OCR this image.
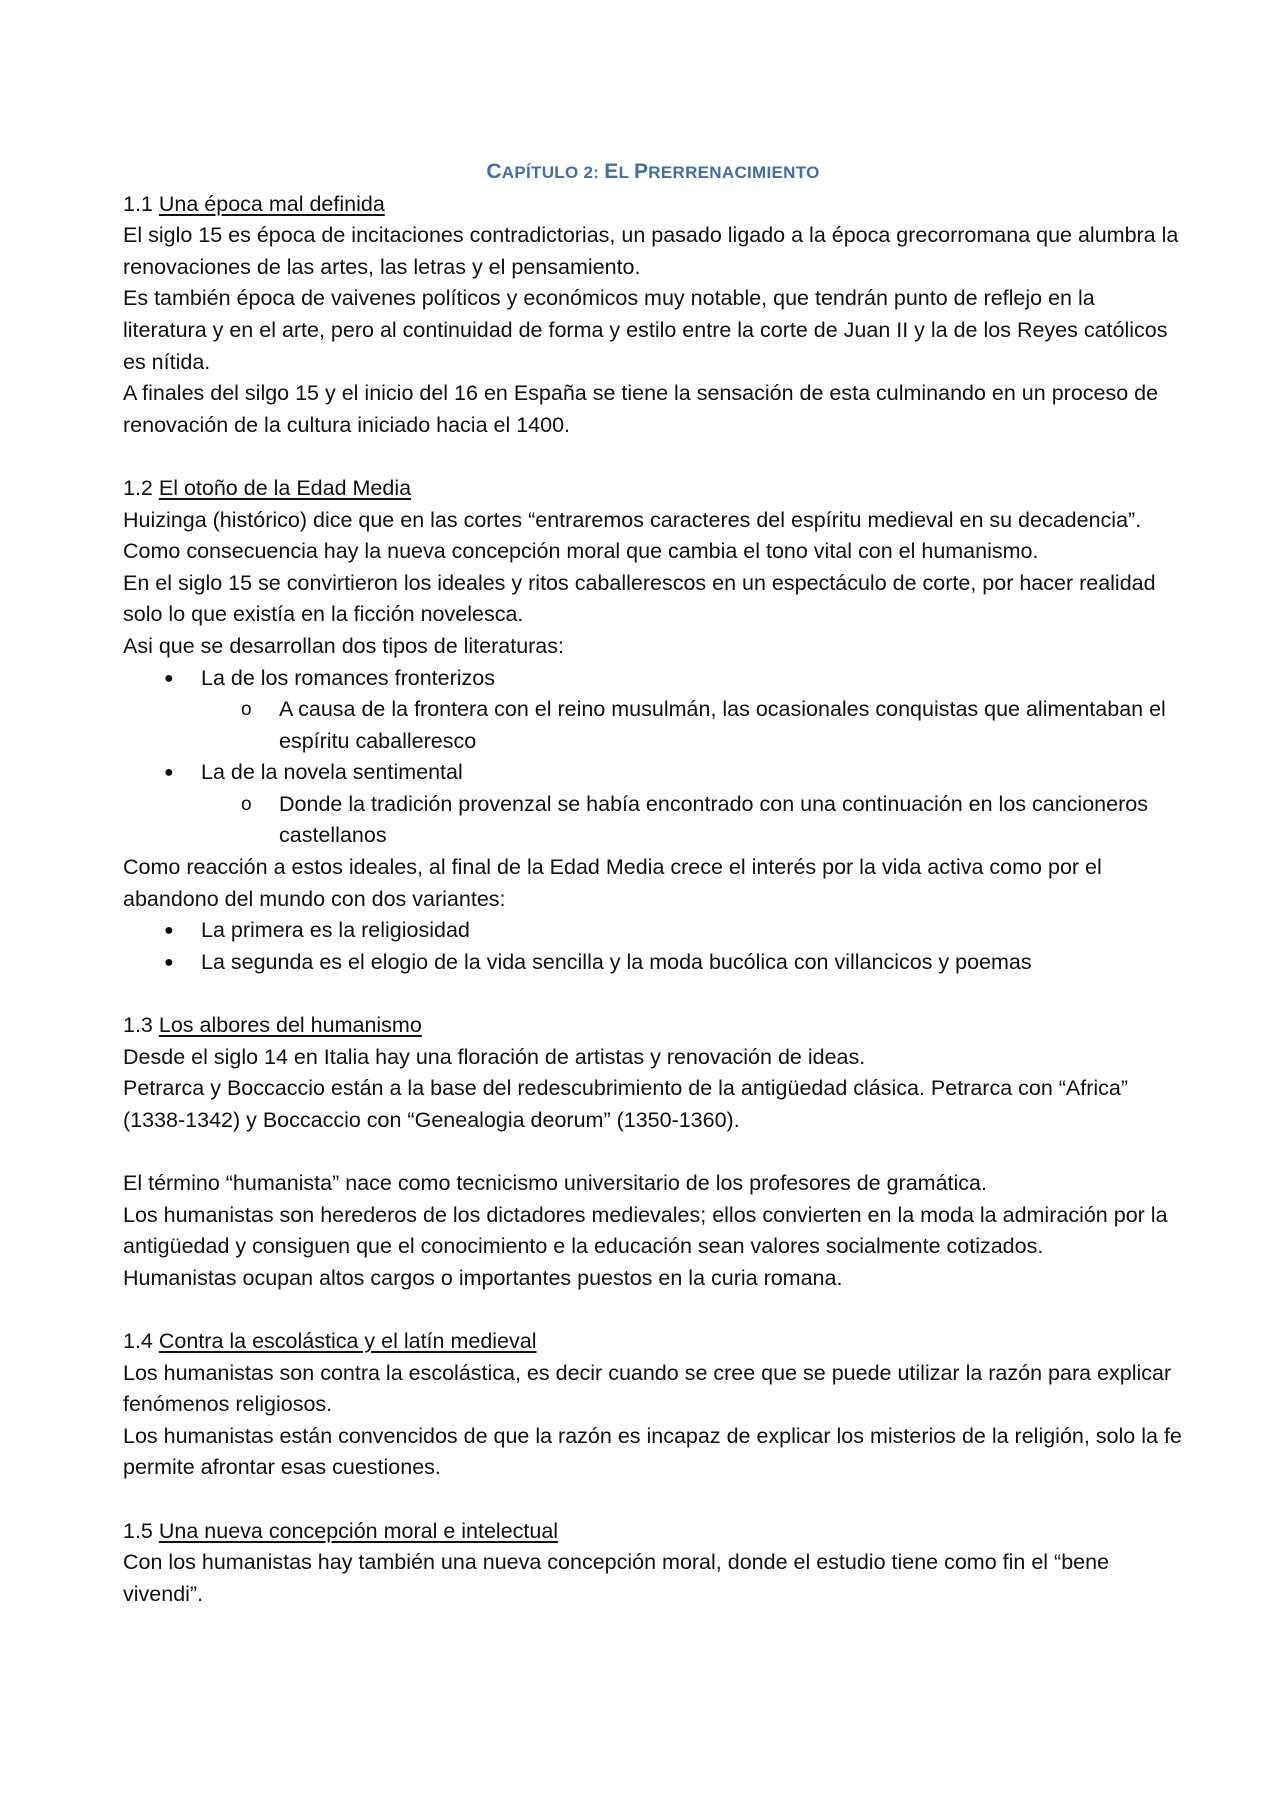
CAPÍTULO 2: EL PRERRENACIMIENTO

1.1 Una época mal definida

El siglo 15 es época de incitaciones contradictorias, un pasado ligado a la época grecorromana que alumbra la renovaciones de las artes, las letras y el pensamiento.

Es también época de vaivenes políticos y económicos muy notable, que tendrán punto de reflejo en la literatura y en el arte, pero al continuidad de forma y estilo entre la corte de Juan II y la de los Reyes católicos es nítida.

A finales del silgo 15 y el inicio del 16 en España se tiene la sensación de esta culminando en un proceso de renovación de la cultura iniciado hacia el 1400.

1.2 El otoño de la Edad Media

Huizinga (histórico) dice que en las cortes “entraremos caracteres del espíritu medieval en su decadencia”. Como consecuencia hay la nueva concepción moral que cambia el tono vital con el humanismo.

En el siglo 15 se convirtieron los ideales y ritos caballerescos en un espectáculo de corte, por hacer realidad solo lo que existía en la ficción novelesca.

Asi que se desarrollan dos tipos de literaturas:

● La de los romances fronterizos
o A causa de la frontera con el reino musulmán, las ocasionales conquistas que alimentaban el espíritu caballeresco
● La de la novela sentimental
o Donde la tradición provenzal se había encontrado con una continuación en los cancioneros castellanos

Como reacción a estos ideales, al final de la Edad Media crece el interés por la vida activa como por el abandono del mundo con dos variantes:

● La primera es la religiosidad
● La segunda es el elogio de la vida sencilla y la moda bucólica con villancicos y poemas

1.3 Los albores del humanismo

Desde el siglo 14 en Italia hay una floración de artistas y renovación de ideas.

Petrarca y Boccaccio están a la base del redescubrimiento de la antigüedad clásica. Petrarca con “Africa” (1338-1342) y Boccaccio con “Genealogia deorum” (1350-1360).

El término “humanista” nace como tecnicismo universitario de los profesores de gramática.

Los humanistas son herederos de los dictadores medievales; ellos convierten en la moda la admiración por la antigüedad y consiguen que el conocimiento e la educación sean valores socialmente cotizados.

Humanistas ocupan altos cargos o importantes puestos en la curia romana.

1.4 Contra la escolástica y el latín medieval

Los humanistas son contra la escolástica, es decir cuando se cree que se puede utilizar la razón para explicar fenómenos religiosos.

Los humanistas están convencidos de que la razón es incapaz de explicar los misterios de la religión, solo la fe permite afrontar esas cuestiones.

1.5 Una nueva concepción moral e intelectual

Con los humanistas hay también una nueva concepción moral, donde el estudio tiene como fin el “bene vivendi”.
